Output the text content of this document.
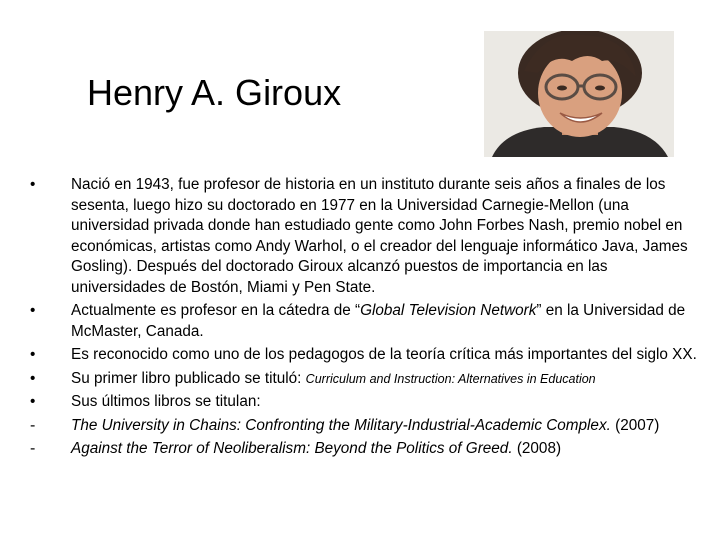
Henry A. Giroux
•	Nació en 1943, fue profesor de historia en un instituto durante seis años a finales de los sesenta, luego hizo su doctorado en 1977 en la Universidad Carnegie-Mellon (una universidad privada donde han estudiado gente como John Forbes Nash, premio nobel en económicas, artistas como Andy Warhol, o el creador del lenguaje informático Java, James Gosling). Después del doctorado Giroux alcanzó puestos de importancia en las universidades de Bostón, Miami y Pen State.
•	Actualmente es profesor en la cátedra de “Global Television Network” en la Universidad de McMaster, Canada.
•	Es reconocido como uno de los pedagogos de la teoría crítica más importantes del siglo XX.
•	Su primer libro publicado se tituló: Curriculum and Instruction: Alternatives in Education
•	Sus últimos libros se titulan:
-	The University in Chains: Confronting the Military-Industrial-Academic Complex. (2007)
-	Against the Terror of Neoliberalism: Beyond the Politics of Greed. (2008)
